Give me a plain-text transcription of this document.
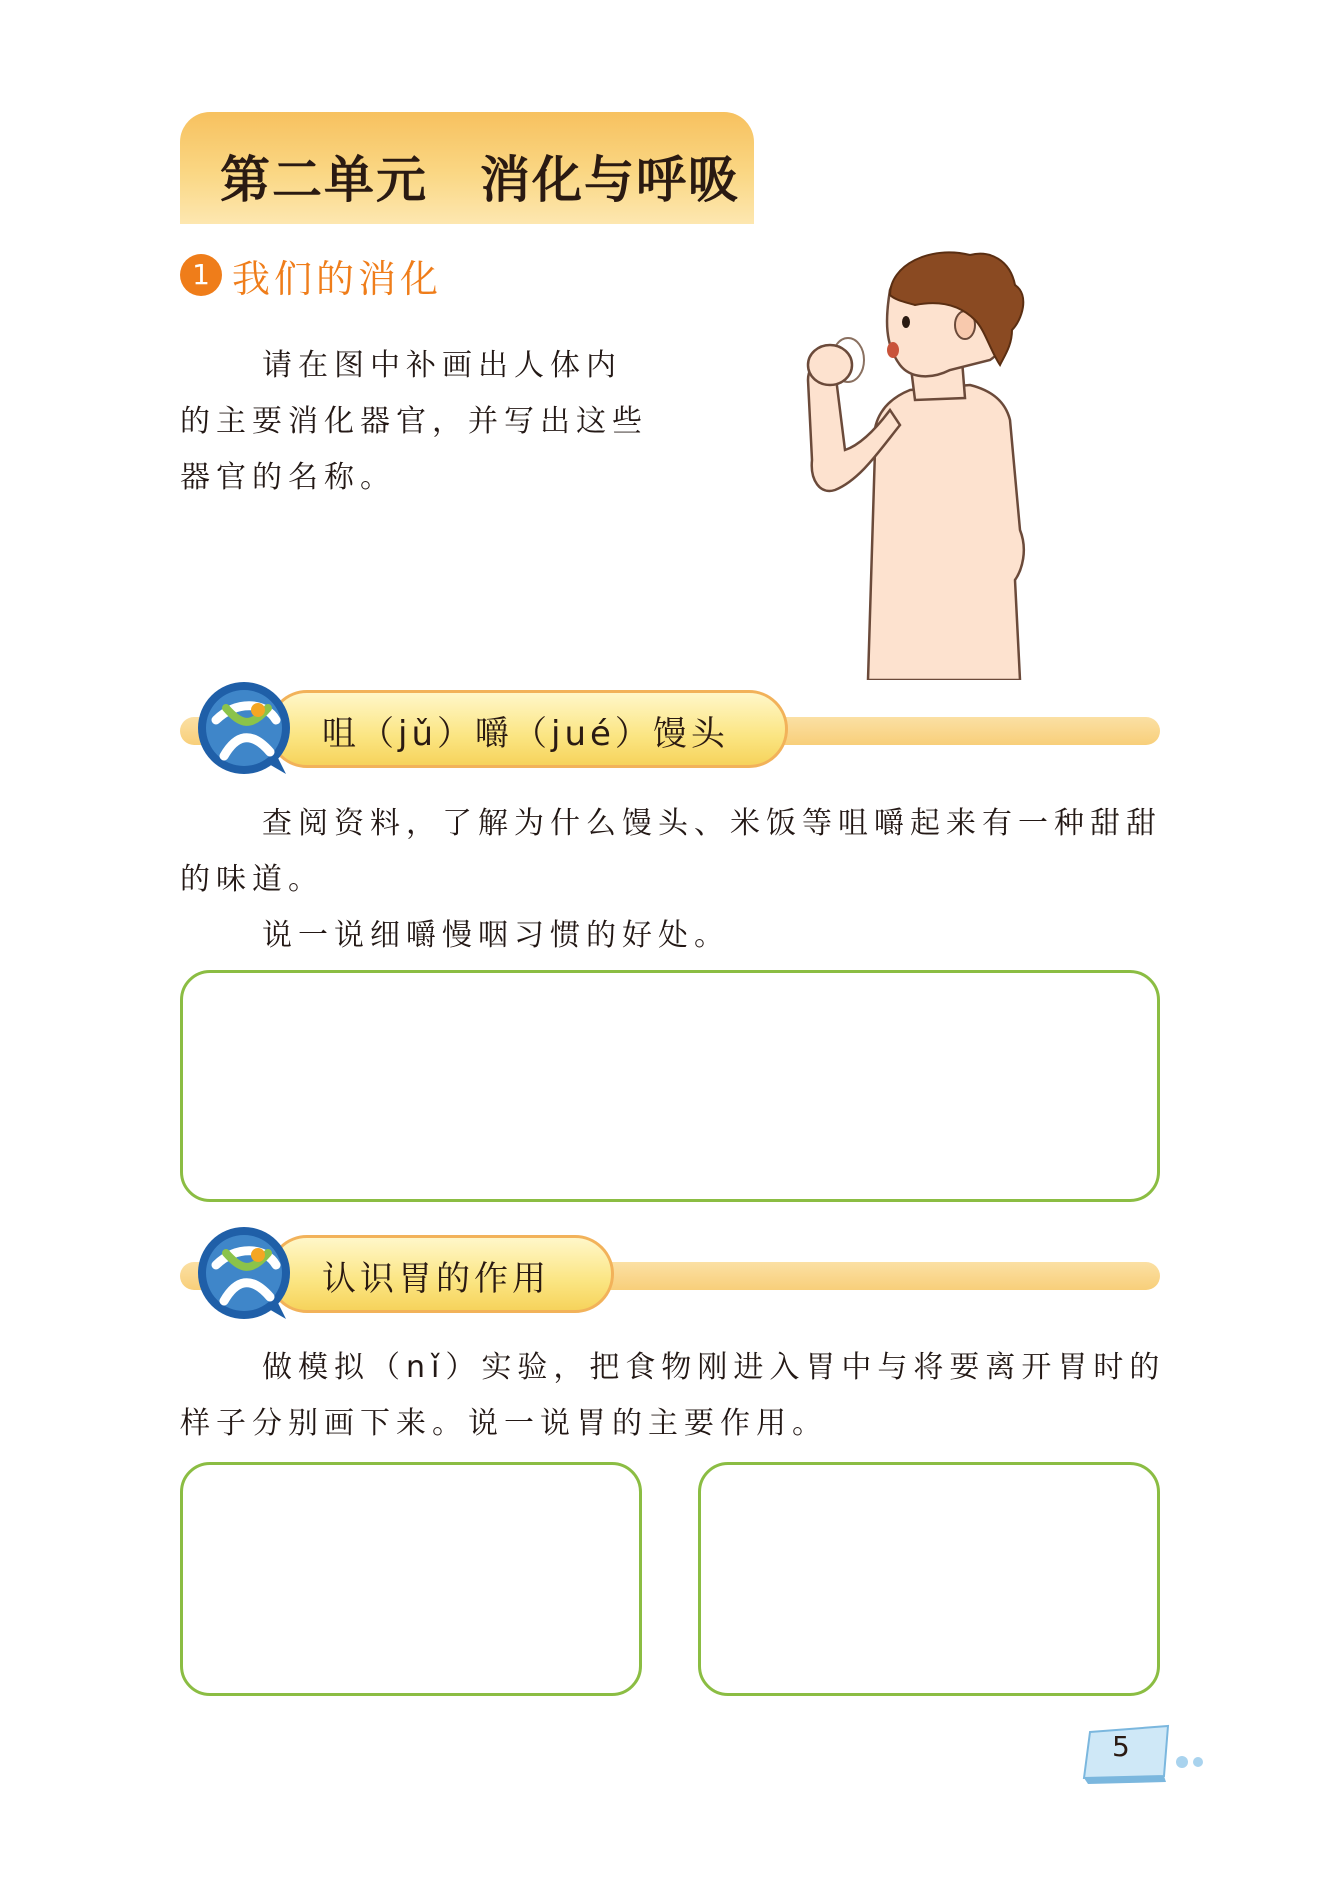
第二单元　消化与呼吸
1 我们的消化
请在图中补画出人体内
的主要消化器官，并写出这些
器官的名称。
咀（jǔ）嚼（jué）馒头
查阅资料，了解为什么馒头、米饭等咀嚼起来有一种甜甜
的味道。
说一说细嚼慢咽习惯的好处。
认识胃的作用
做模拟（nǐ）实验，把食物刚进入胃中与将要离开胃时的
样子分别画下来。说一说胃的主要作用。
5
